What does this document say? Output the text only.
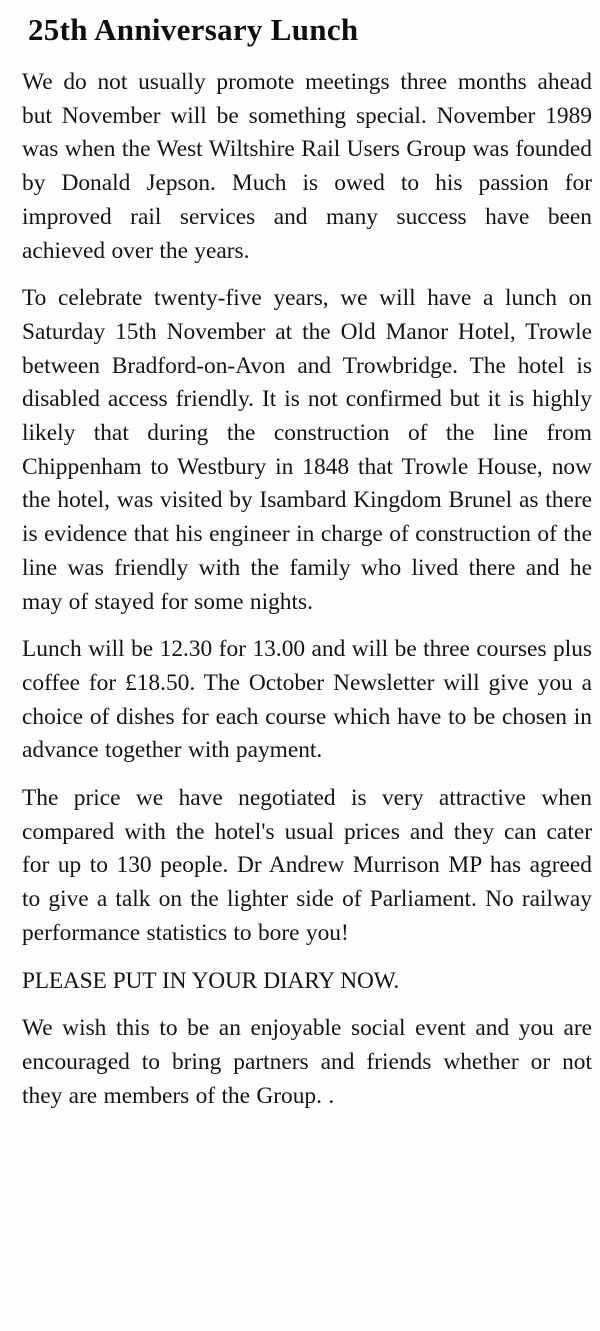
25th Anniversary Lunch

We do not usually promote meetings three months ahead but November will be something special. November 1989 was when the West Wiltshire Rail Users Group was founded by Donald Jepson. Much is owed to his passion for improved rail services and many success have been achieved over the years.

To celebrate twenty-five years, we will have a lunch on Saturday 15th November at the Old Manor Hotel, Trowle between Bradford-on-Avon and Trowbridge. The hotel is disabled access friendly. It is not confirmed but it is highly likely that during the construction of the line from Chippenham to Westbury in 1848 that Trowle House, now the hotel, was visited by Isambard Kingdom Brunel as there is evidence that his engineer in charge of construction of the line was friendly with the family who lived there and he may of stayed for some nights.

Lunch will be 12.30 for 13.00 and will be three courses plus coffee for £18.50. The October Newsletter will give you a choice of dishes for each course which have to be chosen in advance together with payment.

The price we have negotiated is very attractive when compared with the hotel's usual prices and they can cater for up to 130 people. Dr Andrew Murrison MP has agreed to give a talk on the lighter side of Parliament. No railway performance statistics to bore you!

PLEASE PUT IN YOUR DIARY NOW.

We wish this to be an enjoyable social event and you are encouraged to bring partners and friends whether or not they are members of the Group. .
